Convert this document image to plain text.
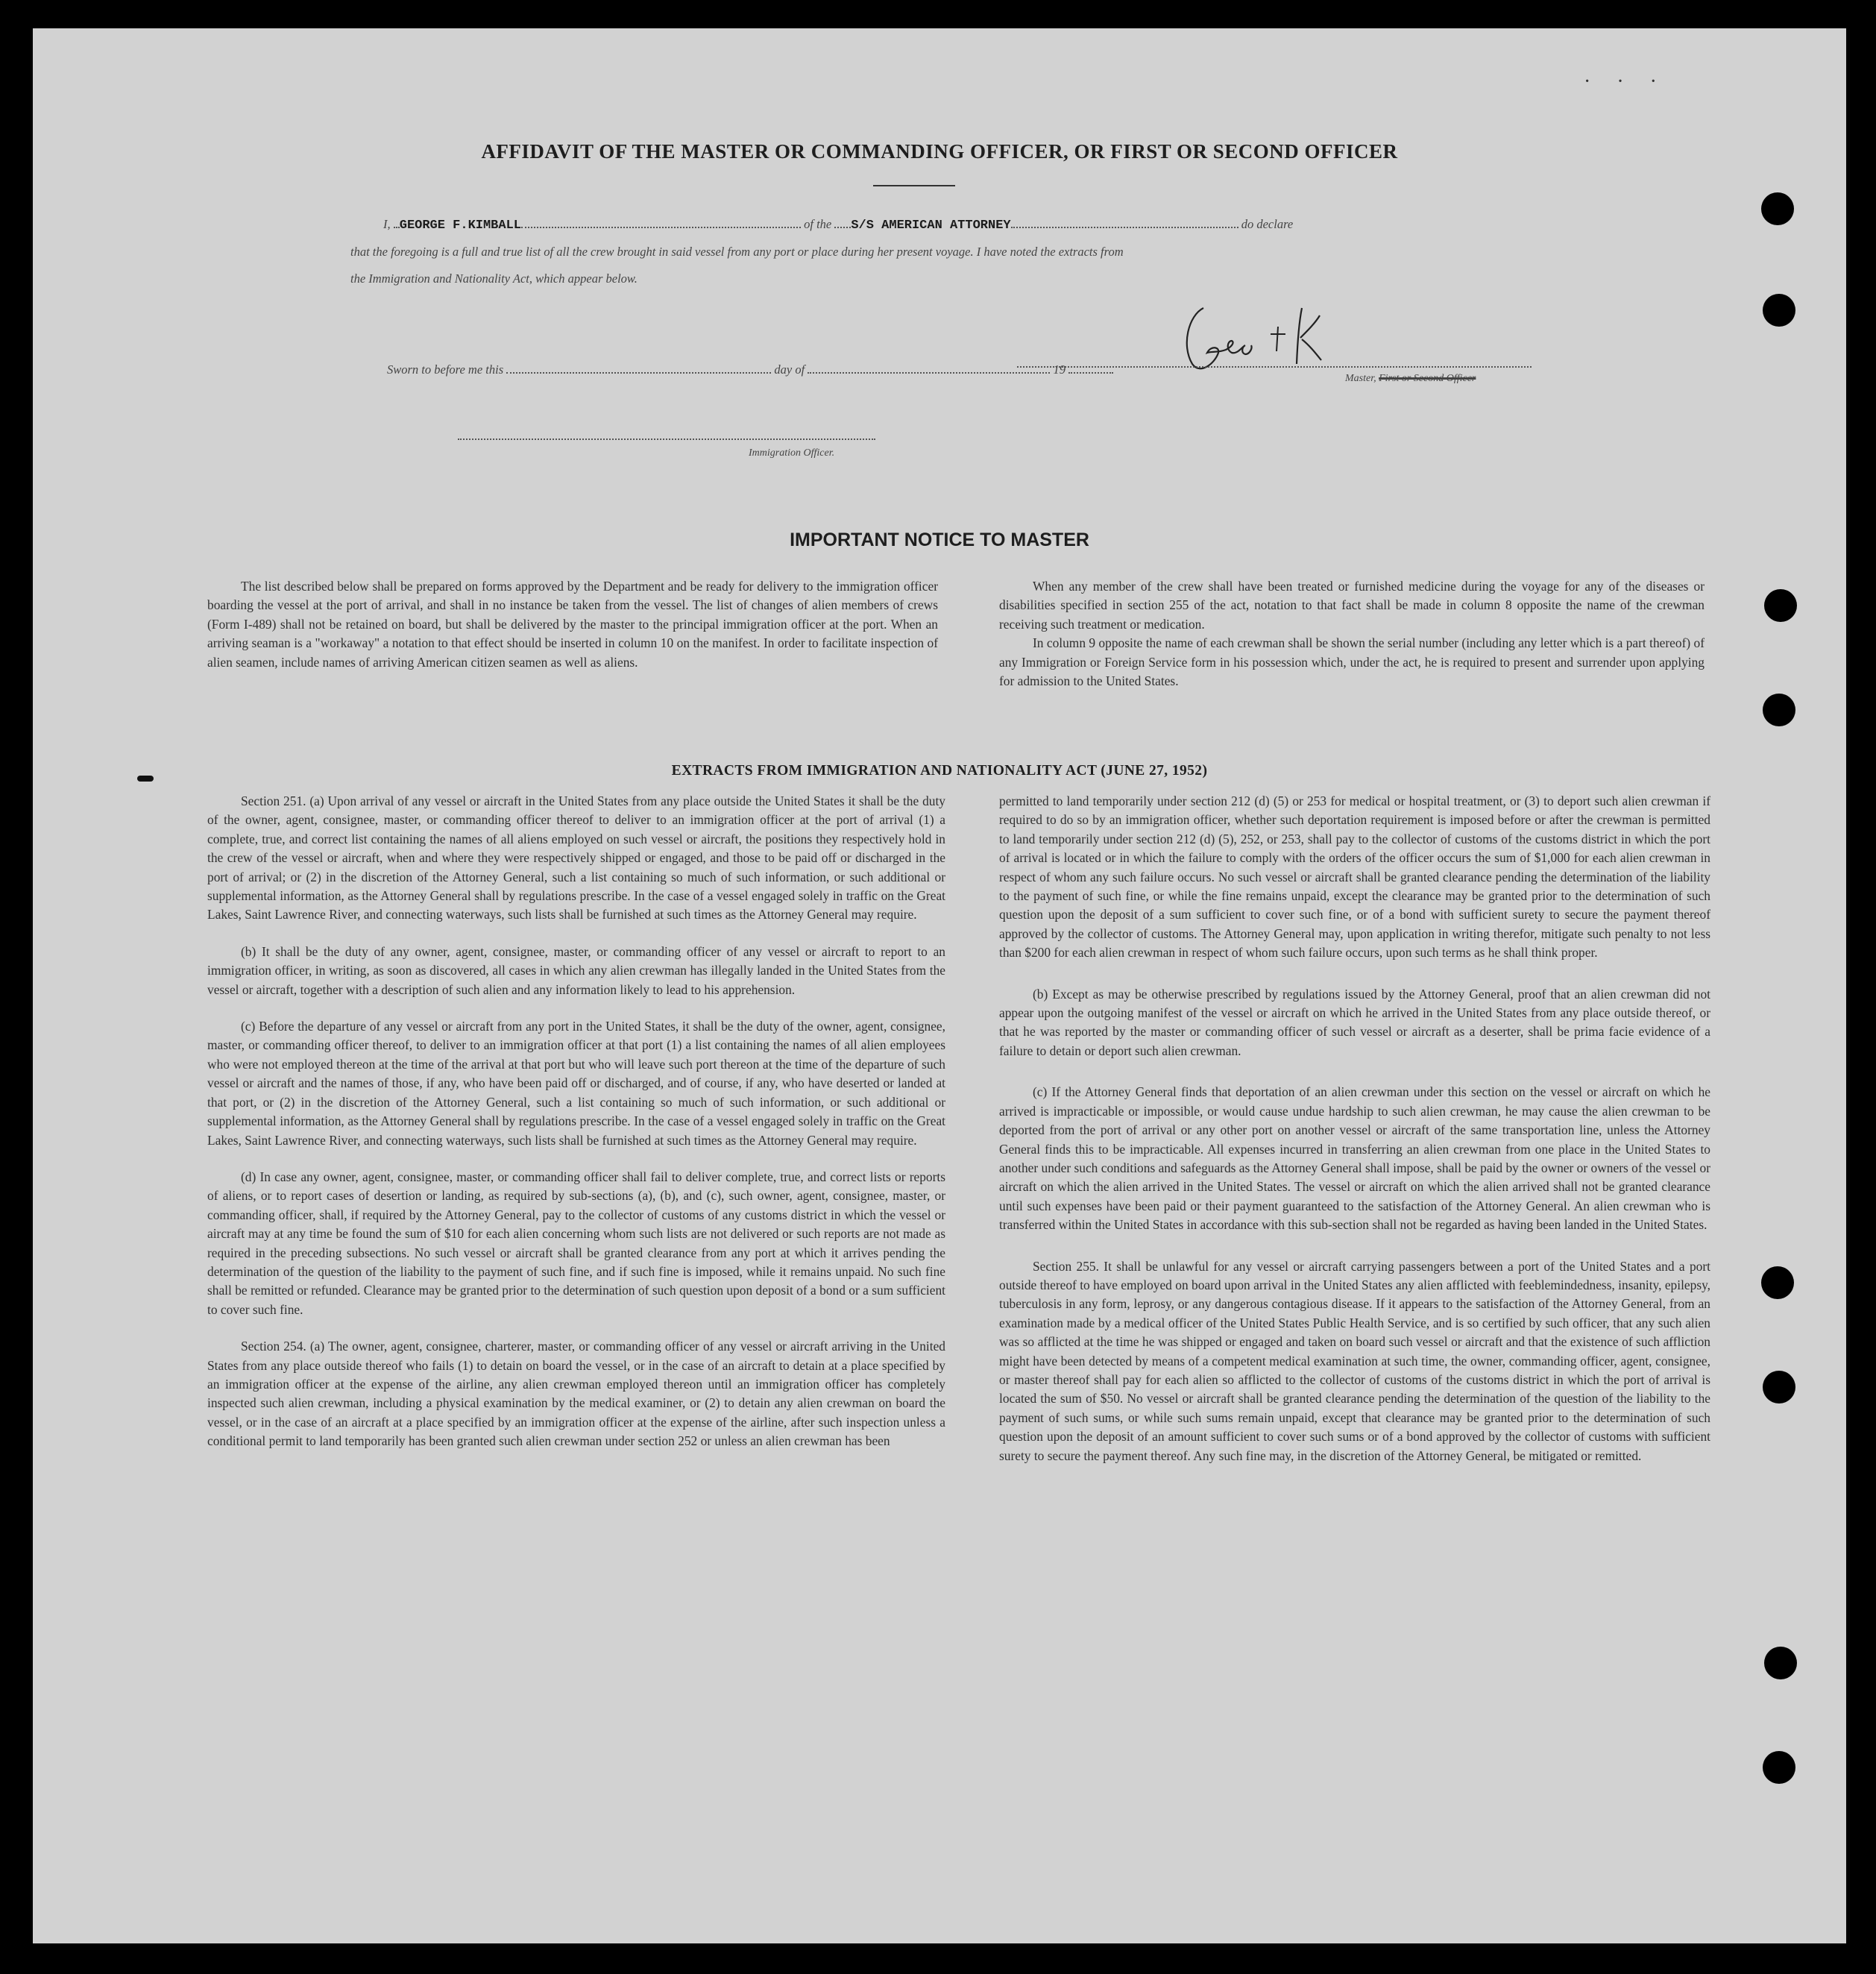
· · ·
AFFIDAVIT OF THE MASTER OR COMMANDING OFFICER, OR FIRST OR SECOND OFFICER
I, GEORGE F.KIMBALL	of the S/S AMERICAN ATTORNEY	do declare
that the foregoing is a full and true list of all the crew brought in said vessel from any port or place during her present voyage. I have noted the extracts from
the Immigration and Nationality Act, which appear below.
Master, First or Second Officer
Sworn to before me this	day of	19
Immigration Officer.
IMPORTANT NOTICE TO MASTER

The list described below shall be prepared on forms approved by the Department and be ready for delivery to the immigration officer boarding the vessel at the port of arrival, and shall in no instance be taken from the vessel. The list of changes of alien members of crews (Form I-489) shall not be retained on board, but shall be delivered by the master to the principal immigration officer at the port. When an arriving seaman is a "workaway" a notation to that effect should be inserted in column 10 on the manifest. In order to facilitate inspection of alien seamen, include names of arriving American citizen seamen as well as aliens.

When any member of the crew shall have been treated or furnished medicine during the voyage for any of the diseases or disabilities specified in section 255 of the act, notation to that fact shall be made in column 8 opposite the name of the crewman receiving such treatment or medication.

In column 9 opposite the name of each crewman shall be shown the serial number (including any letter which is a part thereof) of any Immigration or Foreign Service form in his possession which, under the act, he is required to present and surrender upon applying for admission to the United States.

EXTRACTS FROM IMMIGRATION AND NATIONALITY ACT (JUNE 27, 1952)

Section 251. (a) Upon arrival of any vessel or aircraft in the United States from any place outside the United States it shall be the duty of the owner, agent, consignee, master, or commanding officer thereof to deliver to an immigration officer at the port of arrival (1) a complete, true, and correct list containing the names of all aliens employed on such vessel or aircraft, the positions they respectively hold in the crew of the vessel or aircraft, when and where they were respectively shipped or engaged, and those to be paid off or discharged in the port of arrival; or (2) in the discretion of the Attorney General, such a list containing so much of such information, or such additional or supplemental information, as the Attorney General shall by regulations prescribe. In the case of a vessel engaged solely in traffic on the Great Lakes, Saint Lawrence River, and connecting waterways, such lists shall be furnished at such times as the Attorney General may require.

(b) It shall be the duty of any owner, agent, consignee, master, or commanding officer of any vessel or aircraft to report to an immigration officer, in writing, as soon as discovered, all cases in which any alien crewman has illegally landed in the United States from the vessel or aircraft, together with a description of such alien and any information likely to lead to his apprehension.

(c) Before the departure of any vessel or aircraft from any port in the United States, it shall be the duty of the owner, agent, consignee, master, or commanding officer thereof, to deliver to an immigration officer at that port (1) a list containing the names of all alien employees who were not employed thereon at the time of the arrival at that port but who will leave such port thereon at the time of the departure of such vessel or aircraft and the names of those, if any, who have been paid off or discharged, and of course, if any, who have deserted or landed at that port, or (2) in the discretion of the Attorney General, such a list containing so much of such information, or such additional or supplemental information, as the Attorney General shall by regulations prescribe. In the case of a vessel engaged solely in traffic on the Great Lakes, Saint Lawrence River, and connecting waterways, such lists shall be furnished at such times as the Attorney General may require.

(d) In case any owner, agent, consignee, master, or commanding officer shall fail to deliver complete, true, and correct lists or reports of aliens, or to report cases of desertion or landing, as required by sub-sections (a), (b), and (c), such owner, agent, consignee, master, or commanding officer, shall, if required by the Attorney General, pay to the collector of customs of any customs district in which the vessel or aircraft may at any time be found the sum of $10 for each alien concerning whom such lists are not delivered or such reports are not made as required in the preceding subsections. No such vessel or aircraft shall be granted clearance from any port at which it arrives pending the determination of the question of the liability to the payment of such fine, and if such fine is imposed, while it remains unpaid. No such fine shall be remitted or refunded. Clearance may be granted prior to the determination of such question upon deposit of a bond or a sum sufficient to cover such fine.

Section 254. (a) The owner, agent, consignee, charterer, master, or commanding officer of any vessel or aircraft arriving in the United States from any place outside thereof who fails (1) to detain on board the vessel, or in the case of an aircraft to detain at a place specified by an immigration officer at the expense of the airline, any alien crewman employed thereon until an immigration officer has completely inspected such alien crewman, including a physical examination by the medical examiner, or (2) to detain any alien crewman on board the vessel, or in the case of an aircraft at a place specified by an immigration officer at the expense of the airline, after such inspection unless a conditional permit to land temporarily has been granted such alien crewman under section 252 or unless an alien crewman has been

permitted to land temporarily under section 212 (d) (5) or 253 for medical or hospital treatment, or (3) to deport such alien crewman if required to do so by an immigration officer, whether such deportation requirement is imposed before or after the crewman is permitted to land temporarily under section 212 (d) (5), 252, or 253, shall pay to the collector of customs of the customs district in which the port of arrival is located or in which the failure to comply with the orders of the officer occurs the sum of $1,000 for each alien crewman in respect of whom any such failure occurs. No such vessel or aircraft shall be granted clearance pending the determination of the liability to the payment of such fine, or while the fine remains unpaid, except the clearance may be granted prior to the determination of such question upon the deposit of a sum sufficient to cover such fine, or of a bond with sufficient surety to secure the payment thereof approved by the collector of customs. The Attorney General may, upon application in writing therefor, mitigate such penalty to not less than $200 for each alien crewman in respect of whom such failure occurs, upon such terms as he shall think proper.

(b) Except as may be otherwise prescribed by regulations issued by the Attorney General, proof that an alien crewman did not appear upon the outgoing manifest of the vessel or aircraft on which he arrived in the United States from any place outside thereof, or that he was reported by the master or commanding officer of such vessel or aircraft as a deserter, shall be prima facie evidence of a failure to detain or deport such alien crewman.

(c) If the Attorney General finds that deportation of an alien crewman under this section on the vessel or aircraft on which he arrived is impracticable or impossible, or would cause undue hardship to such alien crewman, he may cause the alien crewman to be deported from the port of arrival or any other port on another vessel or aircraft of the same transportation line, unless the Attorney General finds this to be impracticable. All expenses incurred in transferring an alien crewman from one place in the United States to another under such conditions and safeguards as the Attorney General shall impose, shall be paid by the owner or owners of the vessel or aircraft on which the alien arrived in the United States. The vessel or aircraft on which the alien arrived shall not be granted clearance until such expenses have been paid or their payment guaranteed to the satisfaction of the Attorney General. An alien crewman who is transferred within the United States in accordance with this sub-section shall not be regarded as having been landed in the United States.

Section 255. It shall be unlawful for any vessel or aircraft carrying passengers between a port of the United States and a port outside thereof to have employed on board upon arrival in the United States any alien afflicted with feeblemindedness, insanity, epilepsy, tuberculosis in any form, leprosy, or any dangerous contagious disease. If it appears to the satisfaction of the Attorney General, from an examination made by a medical officer of the United States Public Health Service, and is so certified by such officer, that any such alien was so afflicted at the time he was shipped or engaged and taken on board such vessel or aircraft and that the existence of such affliction might have been detected by means of a competent medical examination at such time, the owner, commanding officer, agent, consignee, or master thereof shall pay for each alien so afflicted to the collector of customs of the customs district in which the port of arrival is located the sum of $50. No vessel or aircraft shall be granted clearance pending the determination of the question of the liability to the payment of such sums, or while such sums remain unpaid, except that clearance may be granted prior to the determination of such question upon the deposit of an amount sufficient to cover such sums or of a bond approved by the collector of customs with sufficient surety to secure the payment thereof. Any such fine may, in the discretion of the Attorney General, be mitigated or remitted.
